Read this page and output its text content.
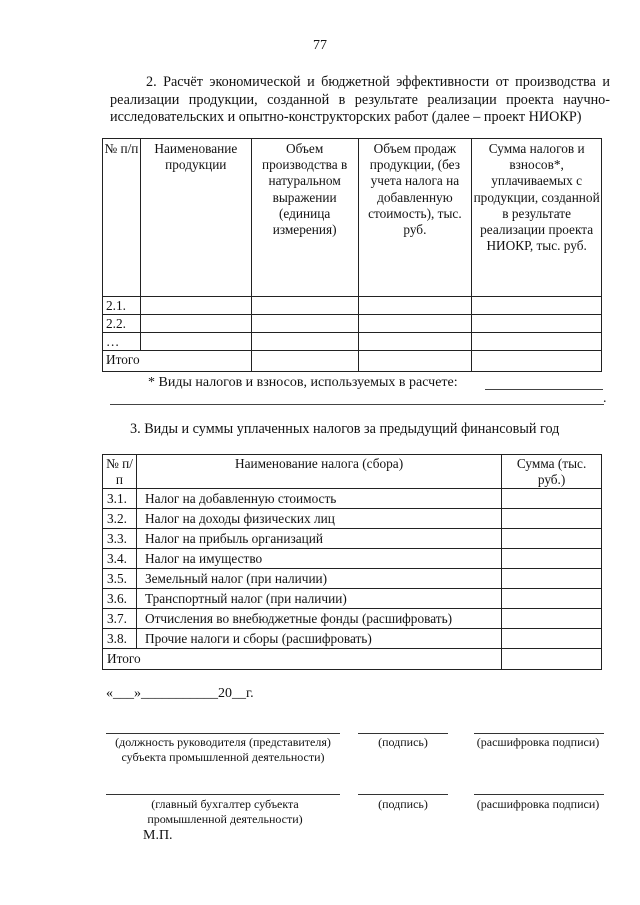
77
2. Расчёт экономической и бюджетной эффективности от производства и реализации продукции, созданной в результате реализации проекта научно-исследовательских и опытно-конструкторских работ (далее – проект НИОКР)
№ п/п	Наименование продукции	Объем производства в натуральном выражении (единица измерения)	Объем продаж продукции, (без учета налога на добавленную стоимость), тыс. руб.	Сумма налогов и взносов*, уплачиваемых с продукции, созданной в результате реализации проекта НИОКР, тыс. руб.
2.1.				
2.2.				
…				
Итого				
* Виды налогов и взносов, используемых в расчете:
.
3. Виды и суммы уплаченных налогов за предыдущий финансовый год
№ п/п	Наименование налога (сбора)	Сумма (тыс. руб.)
3.1.	Налог на добавленную стоимость	
3.2.	Налог на доходы физических лиц	
3.3.	Налог на прибыль организаций	
3.4.	Налог на имущество	
3.5.	Земельный налог (при наличии)	
3.6.	Транспортный налог (при наличии)	
3.7.	Отчисления во внебюджетные фонды (расшифровать)	
3.8.	Прочие налоги и сборы (расшифровать)	
Итого		
«___»___________20__г.
(должность руководителя (представителя) субъекта промышленной деятельности)
(подпись)	(расшифровка подписи)
(главный бухгалтер субъекта промышленной деятельности)
(подпись)	(расшифровка подписи)
М.П.
